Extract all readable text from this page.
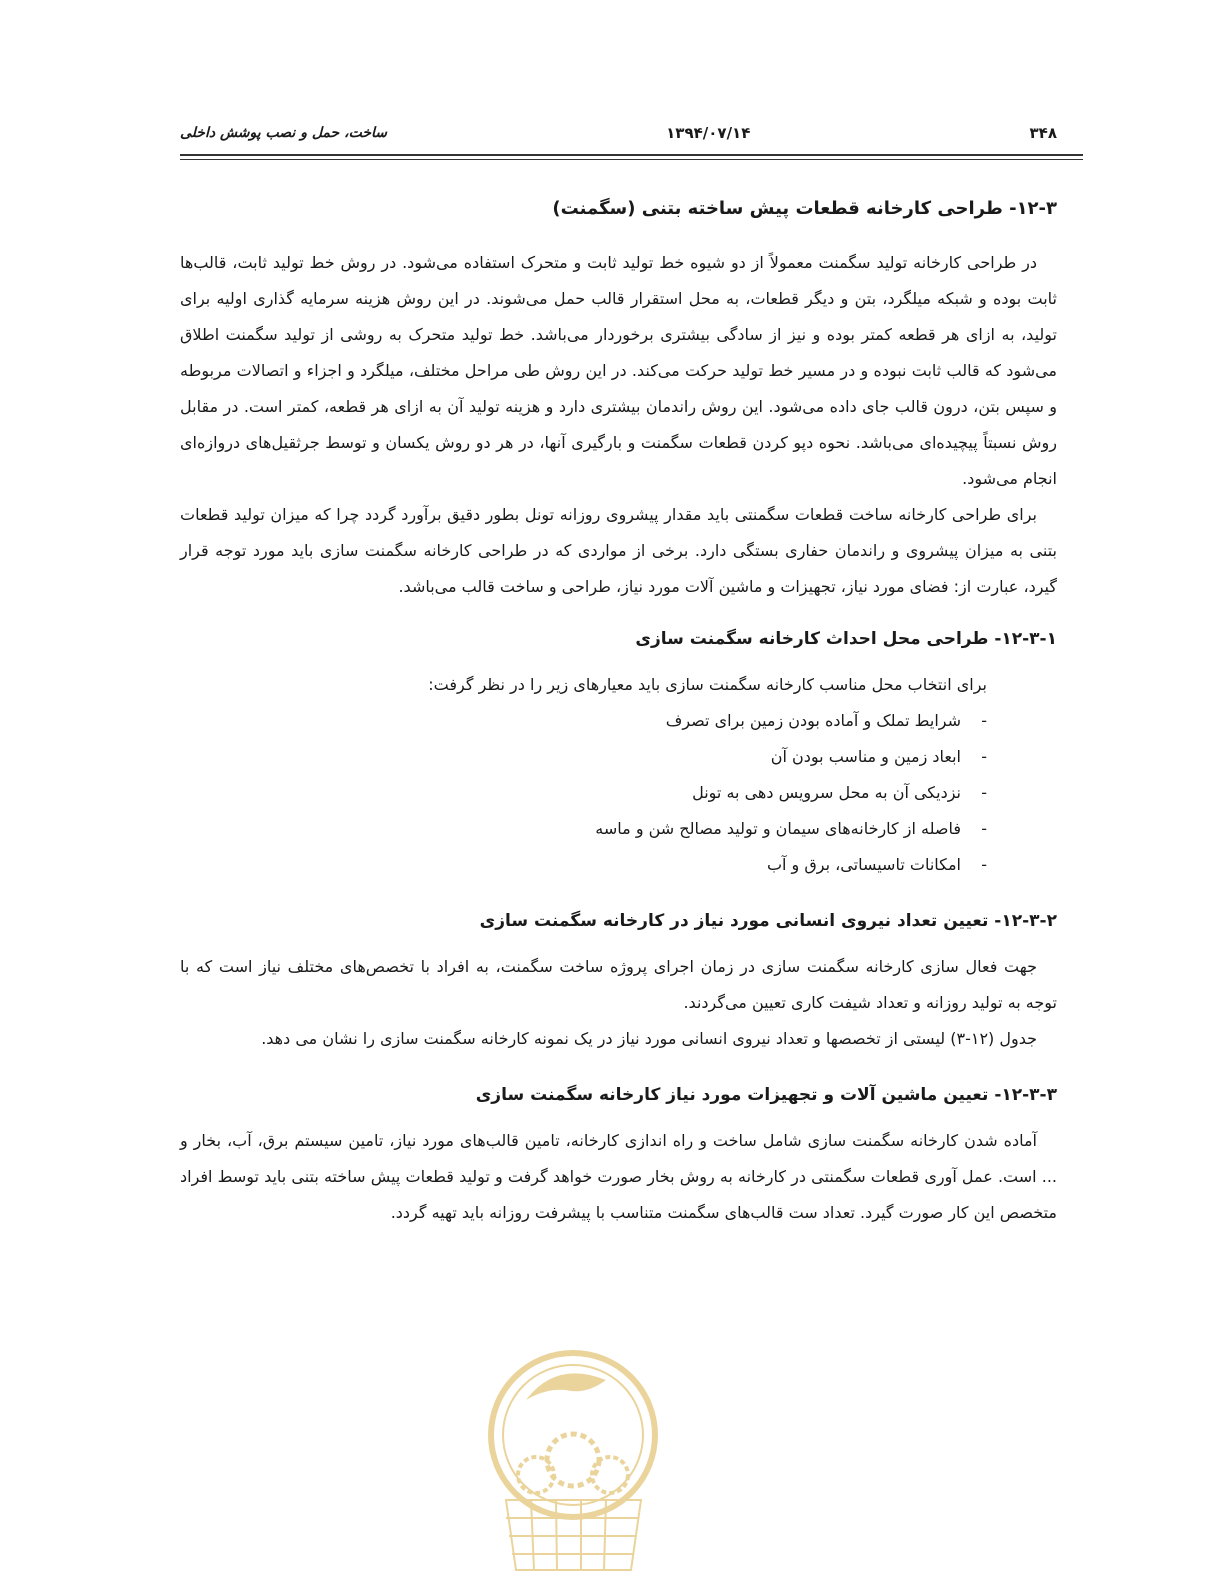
ساخت، حمل و نصب پوشش داخلی	۱۳۹۴/۰۷/۱۴	۳۴۸
۱۲-۳- طراحی کارخانه قطعات پیش ساخته بتنی (سگمنت)

در طراحی کارخانه تولید سگمنت معمولاً از دو شیوه خط تولید ثابت و متحرک استفاده می‌شود. در روش خط تولید ثابت، قالب‌ها ثابت بوده و شبکه میلگرد، بتن و دیگر قطعات، به محل استقرار قالب حمل می‌شوند. در این روش هزینه سرمایه گذاری اولیه برای تولید، به ازای هر قطعه کمتر بوده و نیز از سادگی بیشتری برخوردار می‌باشد. خط تولید متحرک به روشی از تولید سگمنت اطلاق می‌شود که قالب ثابت نبوده و در مسیر خط تولید حرکت می‌کند. در این روش طی مراحل مختلف، میلگرد و اجزاء و اتصالات مربوطه و سپس بتن، درون قالب جای داده می‌شود. این روش راندمان بیشتری دارد و هزینه تولید آن به ازای هر قطعه، کمتر است. در مقابل روش نسبتاً پیچیده‌ای می‌باشد. نحوه دپو کردن قطعات سگمنت و بارگیری آنها، در هر دو روش یکسان و توسط جرثقیل‌های دروازه‌ای انجام می‌شود.

برای طراحی کارخانه ساخت قطعات سگمنتی باید مقدار پیشروی روزانه تونل بطور دقیق برآورد گردد چرا که میزان تولید قطعات بتنی به میزان پیشروی و راندمان حفاری بستگی دارد. برخی از مواردی که در طراحی کارخانه سگمنت سازی باید مورد توجه قرار گیرد، عبارت از: فضای مورد نیاز، تجهیزات و ماشین آلات مورد نیاز، طراحی و ساخت قالب می‌باشد.

۱۲-۳-۱- طراحی محل احداث کارخانه سگمنت سازی

برای انتخاب محل مناسب کارخانه سگمنت سازی باید معیارهای زیر را در نظر گرفت:

- شرایط تملک و آماده بودن زمین برای تصرف
- ابعاد زمین و مناسب بودن آن
- نزدیکی آن به محل سرویس دهی به تونل
- فاصله از کارخانه‌های سیمان و تولید مصالح شن و ماسه
- امکانات تاسیساتی، برق و آب
۱۲-۳-۲- تعیین تعداد نیروی انسانی مورد نیاز در کارخانه سگمنت سازی

جهت فعال سازی کارخانه سگمنت سازی در زمان اجرای پروژه ساخت سگمنت، به افراد با تخصص‌های مختلف نیاز است که با توجه به تولید روزانه و تعداد شیفت کاری تعیین می‌گردند.

جدول (۱۲-۳) لیستی از تخصصها و تعداد نیروی انسانی مورد نیاز در یک نمونه کارخانه سگمنت سازی را نشان می دهد.

۱۲-۳-۳- تعیین ماشین آلات و تجهیزات مورد نیاز کارخانه سگمنت سازی

آماده شدن کارخانه سگمنت سازی شامل ساخت و راه اندازی کارخانه، تامین قالب‌های مورد نیاز، تامین سیستم برق، آب، بخار و ... است. عمل آوری قطعات سگمنتی در کارخانه به روش بخار صورت خواهد گرفت و تولید قطعات پیش ساخته بتنی باید توسط افراد متخصص این کار صورت گیرد. تعداد ست قالب‌های سگمنت متناسب با پیشرفت روزانه باید تهیه گردد.
